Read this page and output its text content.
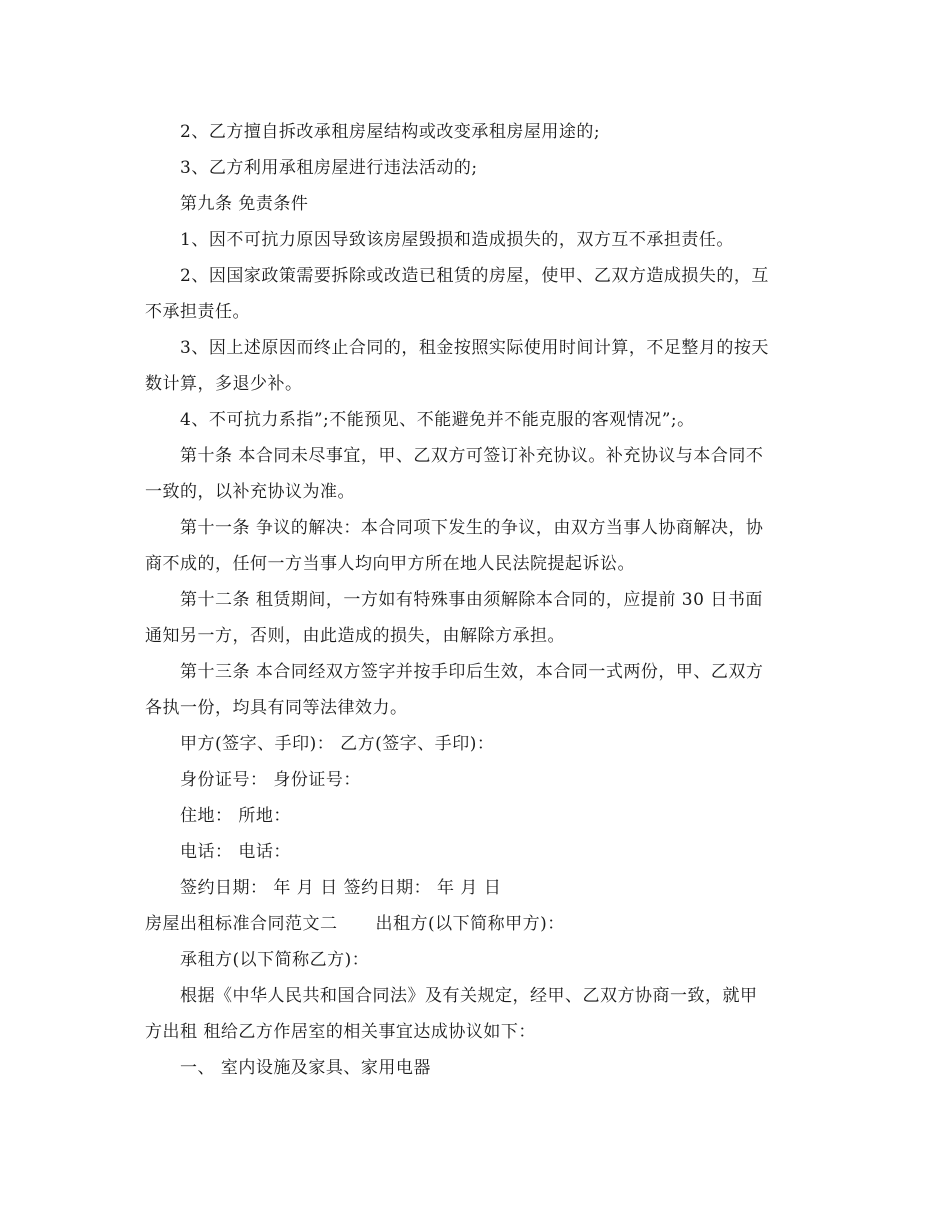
2、乙方擅自拆改承租房屋结构或改变承租房屋用途的;
3、乙方利用承租房屋进行违法活动的;
第九条 免责条件
1、因不可抗力原因导致该房屋毁损和造成损失的，双方互不承担责任。
2、因国家政策需要拆除或改造已租赁的房屋，使甲、乙双方造成损失的，互
不承担责任。
3、因上述原因而终止合同的，租金按照实际使用时间计算，不足整月的按天
数计算，多退少补。
4、不可抗力系指”;不能预见、不能避免并不能克服的客观情况”;。
第十条 本合同未尽事宜，甲、乙双方可签订补充协议。补充协议与本合同不
一致的，以补充协议为准。
第十一条 争议的解决：本合同项下发生的争议，由双方当事人协商解决，协
商不成的，任何一方当事人均向甲方所在地人民法院提起诉讼。
第十二条 租赁期间，一方如有特殊事由须解除本合同的，应提前 30 日书面
通知另一方，否则，由此造成的损失，由解除方承担。
第十三条 本合同经双方签字并按手印后生效，本合同一式两份，甲、乙双方
各执一份，均具有同等法律效力。
甲方(签字、手印)： 乙方(签字、手印)：
身份证号： 身份证号：
住地： 所地：
电话： 电话：
签约日期： 年 月 日 签约日期： 年 月 日
房屋出租标准合同范文二 出租方(以下简称甲方)：
承租方(以下简称乙方)：
根据《中华人民共和国合同法》及有关规定，经甲、乙双方协商一致，就甲
方出租 租给乙方作居室的相关事宜达成协议如下：
一、 室内设施及家具、家用电器
